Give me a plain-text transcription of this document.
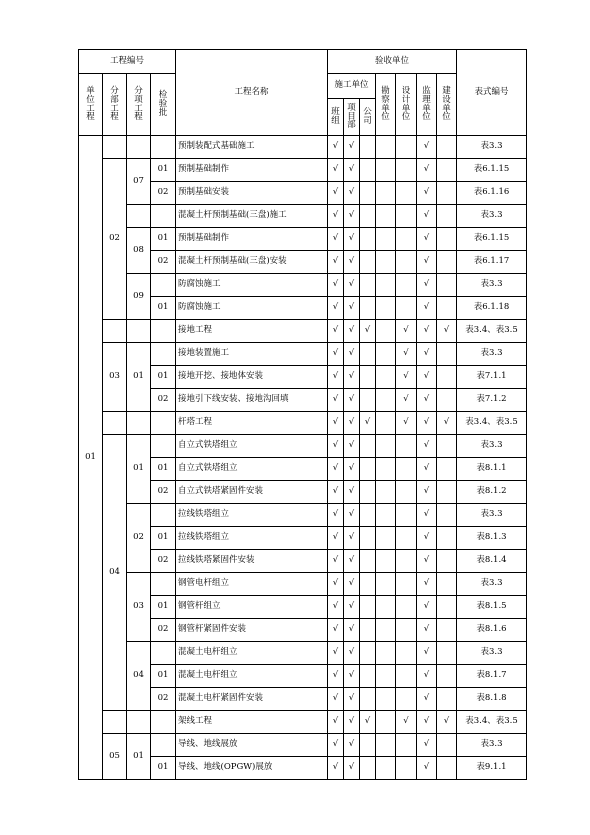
工程编号				工程名称	验收单位							表式编号
单位工程	分部工程	分项工程	检验批		施工单位			勘察单位	设计单位	监理单位	建设单位	
					班组	项目部	公司					
01				预制装配式基础施工	√	√				√		表3.3
	02	07	01	预制基础制作	√	√				√		表6.1.15
			02	预制基础安装	√	√				√		表6.1.16
				混凝土杆预制基础(三盘)施工	√	√				√		表3.3
		08	01	预制基础制作	√	√				√		表6.1.15
			02	混凝土杆预制基础(三盘)安装	√	√				√		表6.1.17
		09		防腐蚀施工	√	√				√		表3.3
			01	防腐蚀施工	√	√				√		表6.1.18
				接地工程	√	√	√		√	√	√	表3.4、表3.5
	03	01		接地装置施工	√	√			√	√		表3.3
			01	接地开挖、接地体安装	√	√			√	√		表7.1.1
			02	接地引下线安装、接地沟回填	√	√			√	√		表7.1.2
				杆塔工程	√	√	√		√	√	√	表3.4、表3.5
	04	01		自立式铁塔组立	√	√				√		表3.3
			01	自立式铁塔组立	√	√				√		表8.1.1
			02	自立式铁塔紧固件安装	√	√				√		表8.1.2
		02		拉线铁塔组立	√	√				√		表3.3
			01	拉线铁塔组立	√	√				√		表8.1.3
			02	拉线铁塔紧固件安装	√	√				√		表8.1.4
		03		钢管电杆组立	√	√				√		表3.3
			01	钢管杆组立	√	√				√		表8.1.5
			02	钢管杆紧固件安装	√	√				√		表8.1.6
		04		混凝土电杆组立	√	√				√		表3.3
			01	混凝土电杆组立	√	√				√		表8.1.7
			02	混凝土电杆紧固件安装	√	√				√		表8.1.8
				架线工程	√	√	√		√	√	√	表3.4、表3.5
	05	01		导线、地线展放	√	√				√		表3.3
			01	导线、地线(OPGW)展放	√	√				√		表9.1.1
